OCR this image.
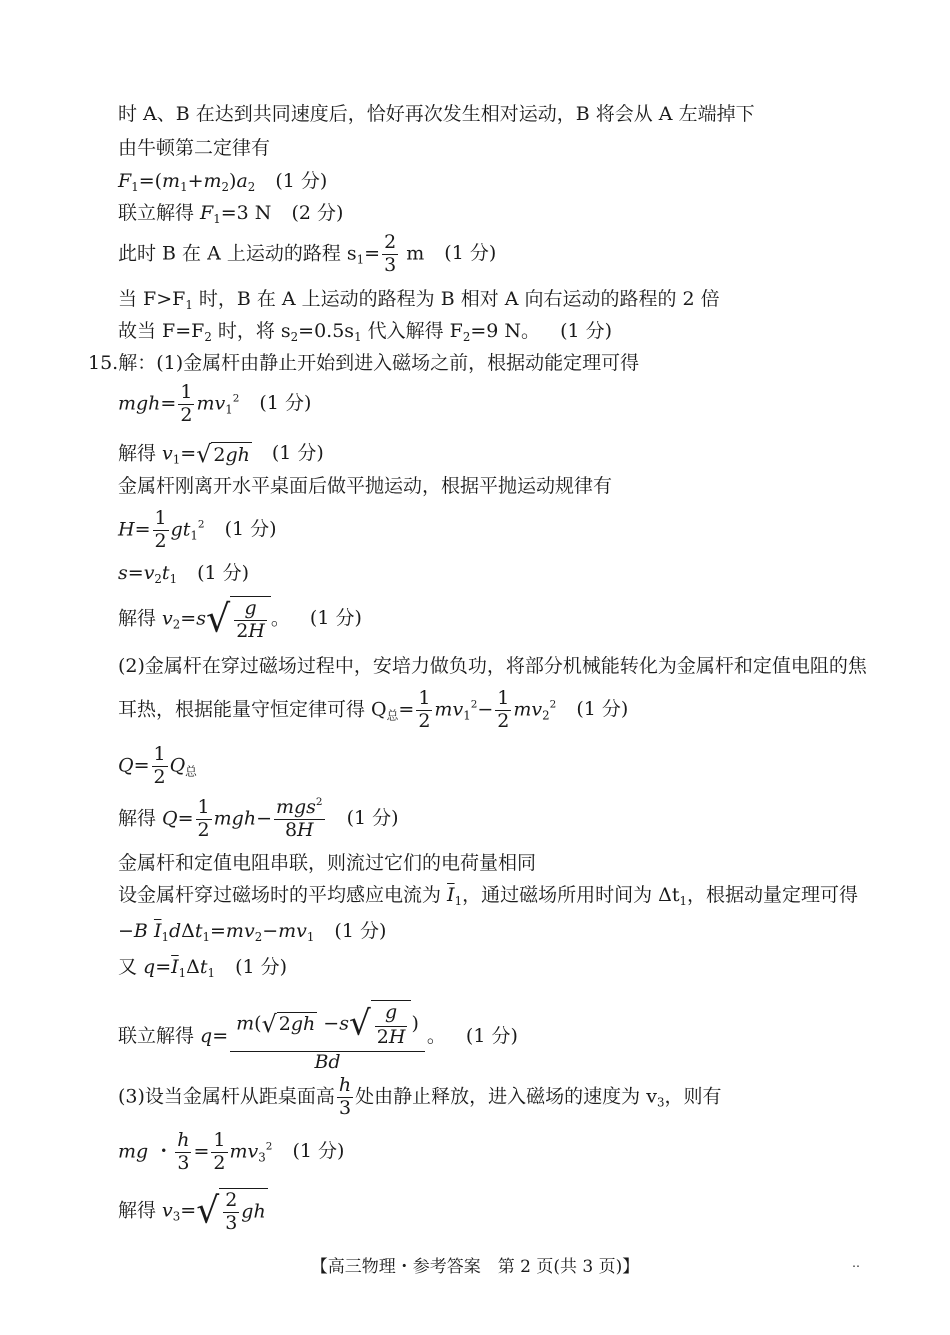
时 A、B 在达到共同速度后，恰好再次发生相对运动，B 将会从 A 左端掉下
由牛顿第二定律有
$F_1=(m_1+m_2)a_2$ (1 分)
联立解得 $F_1=3$ N (2 分)
此时 B 在 A 上运动的路程 $s_1= \frac{2}{3}$ m (1 分)
当 $F>F_1$ 时，B 在 A 上运动的路程为 B 相对 A 向右运动的路程的 2 倍
故当 $F=F_2$ 时，将 $s_2=0.5s_1$ 代入解得 $F_2=9$ N。 (1 分)
15.解：(1)金属杆由静止开始到进入磁场之前，根据动能定理可得
$mgh= \frac{1}{2} mv_1^2$ (1 分)
解得 $v_1=√$ 2gh (1 分)
金属杆刚离开水平桌面后做平抛运动，根据平抛运动规律有
$H= \frac{1}{2} gt_1^2$ (1 分)
$s=v_2t_1$ (1 分)
解得 $v_2=s√ \frac{g}{2H}$ 。 (1 分)
(2)金属杆在穿过磁场过程中，安培力做负功，将部分机械能转化为金属杆和定值电阻的焦
耳热，根据能量守恒定律可得 $Q_总= \frac{1}{2} mv_1^2- \frac{1}{2} mv_2^2$ (1 分)
$Q= \frac{1}{2} Q_总$
解得 $Q= \frac{1}{2} mgh- \frac{mgs^2}{8H} (1$ 分)
金属杆和定值电阻串联，则流过它们的电荷量相同
设金属杆穿过磁场时的平均感应电流为 $\overline{I}_1$，通过磁场所用时间为 $\Delta t_1$，根据动量定理可得
−B $\overline{I}_1d\Delta t_1=mv_2-mv_1$ (1 分)
又 $q=\overline{I}_1\Delta t_1$ (1 分)
联立解得 $q= \frac{m(√ 2gh -s√ \frac{g}{2H} )}{Bd}$ 。 (1 分)
(3)设当金属杆从距桌面高 $\frac{h}{3}$ 处由静止释放，进入磁场的速度为 $v_3$，则有
mg ・ $\frac{h}{3} = \frac{1}{2} mv_3^2$ (1 分)
解得 $v_3=√ \frac{2}{3}$ gh
【高三物理・参考答案　第 2 页(共 3 页)】	‥
